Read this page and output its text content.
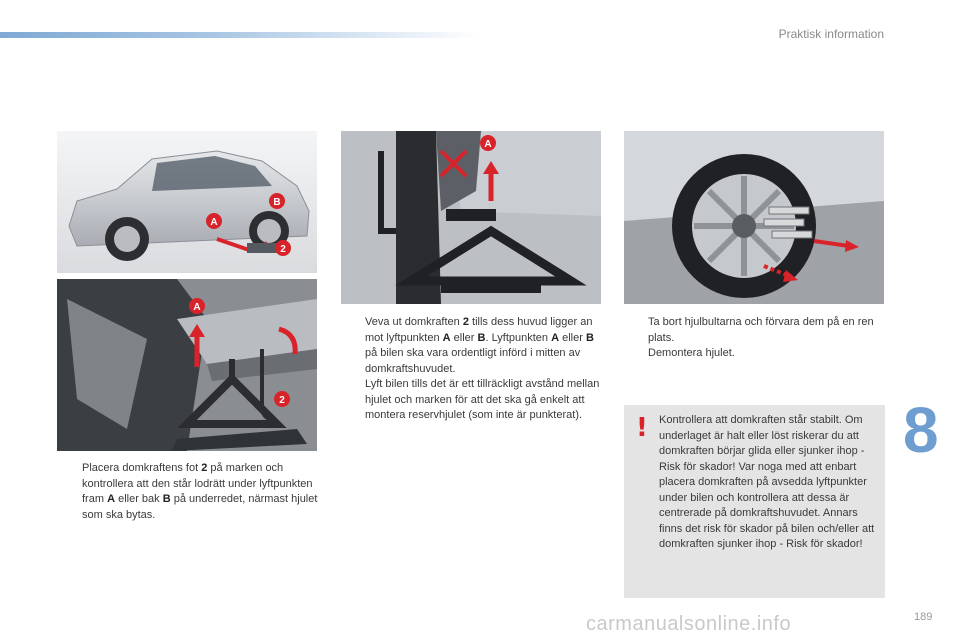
Praktisk information
8
189
carmanualsonline.info
A
B
2
A
2
A
Placera domkraftens fot 2 på marken och kontrollera att den står lodrätt under lyftpunkten fram A eller bak B på underredet, närmast hjulet som ska bytas.
Veva ut domkraften 2 tills dess huvud ligger an mot lyftpunkten A eller B. Lyftpunkten A eller B på bilen ska vara ordentligt införd i mitten av domkraftshuvudet.
Lyft bilen tills det är ett tillräckligt avstånd mellan hjulet och marken för att det ska gå enkelt att montera reservhjulet (som inte är punkterat).
Ta bort hjulbultarna och förvara dem på en ren plats.
Demontera hjulet.
! Kontrollera att domkraften står stabilt. Om underlaget är halt eller löst riskerar du att domkraften börjar glida eller sjunker ihop - Risk för skador! Var noga med att enbart placera domkraften på avsedda lyftpunkter under bilen och kontrollera att dessa är centrerade på domkraftshuvudet. Annars finns det risk för skador på bilen och/eller att domkraften sjunker ihop - Risk för skador!
